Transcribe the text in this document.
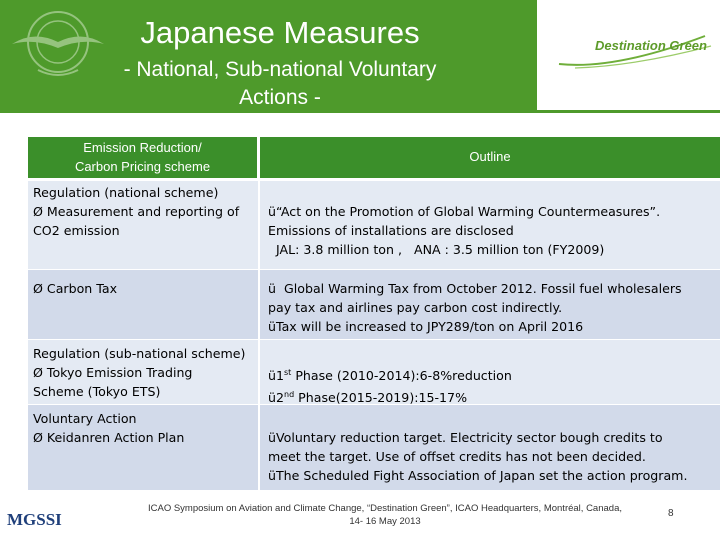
Japanese Measures
- National, Sub-national Voluntary
Actions -
Destination Green
Emission Reduction/
Carbon Pricing scheme
Outline
Regulation (national scheme)
Ø Measurement and reporting of
CO2 emission
ü“Act on the Promotion of Global Warming Countermeasures”.
Emissions of installations are disclosed
JAL: 3.8 million ton ,   ANA : 3.5 million ton (FY2009)
Ø Carbon Tax	ü  Global Warming Tax from October 2012. Fossil fuel wholesalers
pay tax and airlines pay carbon cost indirectly.
üTax will be increased to JPY289/ton on April 2016
Regulation (sub-national scheme)
Ø Tokyo Emission Trading
Scheme (Tokyo ETS)
ü1st Phase (2010-2014):6-8%reduction
ü2nd Phase(2015-2019):15-17%
Voluntary Action
Ø Keidanren Action Plan	üVoluntary reduction target. Electricity sector bough credits to
meet the target. Use of offset credits has not been decided.
üThe Scheduled Fight Association of Japan set the action program.
MGSSI
ICAO Symposium on Aviation and Climate Change, “Destination Green”, ICAO Headquarters, Montréal, Canada,
14- 16 May 2013
8
